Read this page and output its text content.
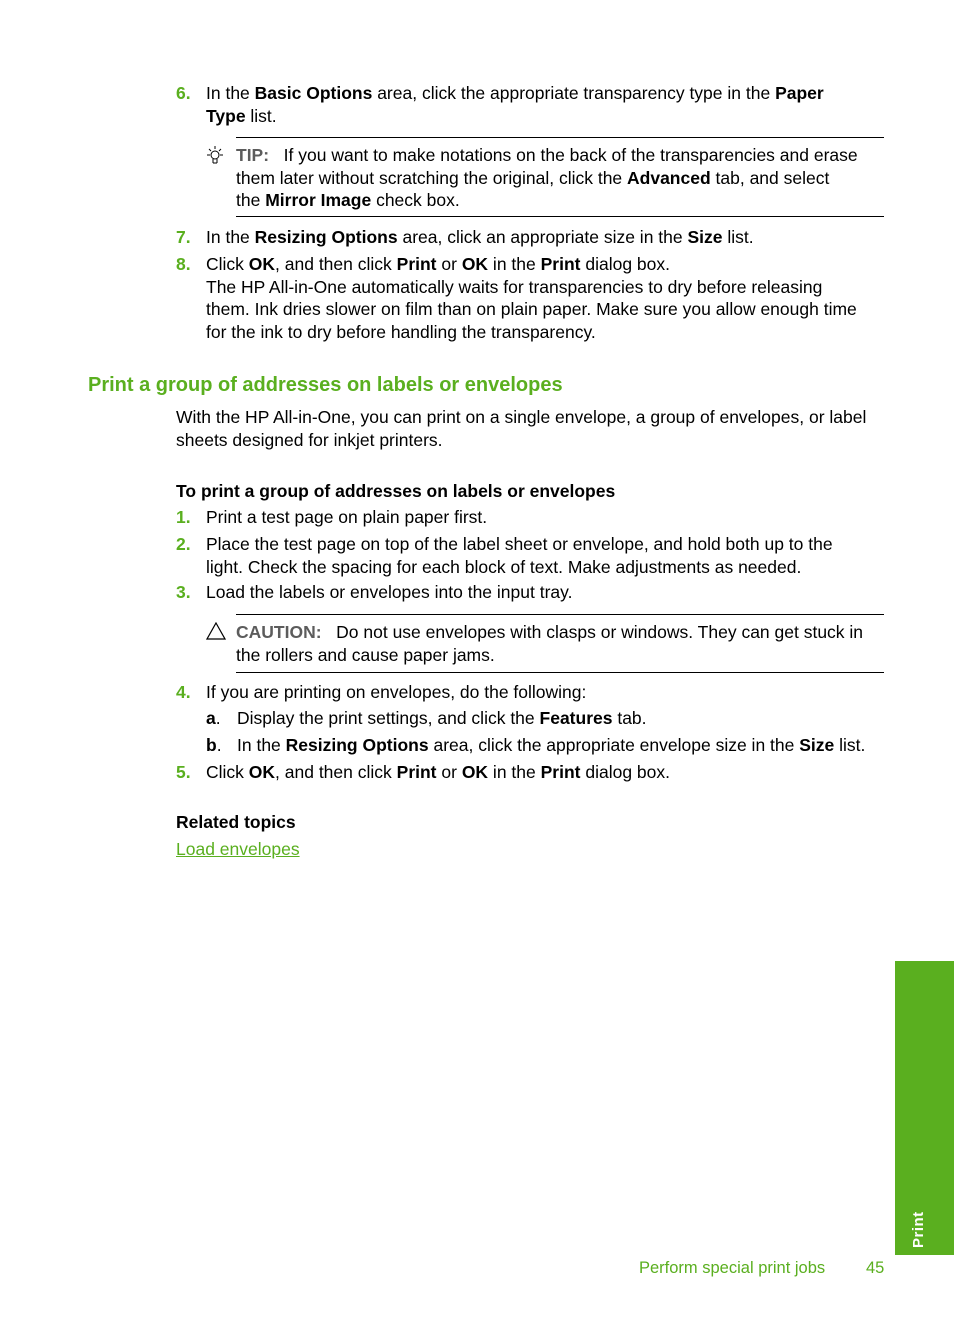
6. In the Basic Options area, click the appropriate transparency type in the Paper
Type list.
TIP: If you want to make notations on the back of the transparencies and erase
them later without scratching the original, click the Advanced tab, and select
the Mirror Image check box.
7. In the Resizing Options area, click an appropriate size in the Size list.
8. Click OK, and then click Print or OK in the Print dialog box.
The HP All-in-One automatically waits for transparencies to dry before releasing
them. Ink dries slower on film than on plain paper. Make sure you allow enough time
for the ink to dry before handling the transparency.
Print a group of addresses on labels or envelopes
With the HP All-in-One, you can print on a single envelope, a group of envelopes, or label
sheets designed for inkjet printers.
To print a group of addresses on labels or envelopes
1. Print a test page on plain paper first.
2. Place the test page on top of the label sheet or envelope, and hold both up to the
light. Check the spacing for each block of text. Make adjustments as needed.
3. Load the labels or envelopes into the input tray.
CAUTION: Do not use envelopes with clasps or windows. They can get stuck in
the rollers and cause paper jams.
4. If you are printing on envelopes, do the following:
a. Display the print settings, and click the Features tab.
b. In the Resizing Options area, click the appropriate envelope size in the Size list.
5. Click OK, and then click Print or OK in the Print dialog box.
Related topics
Load envelopes
Print
Perform special print jobs 45
